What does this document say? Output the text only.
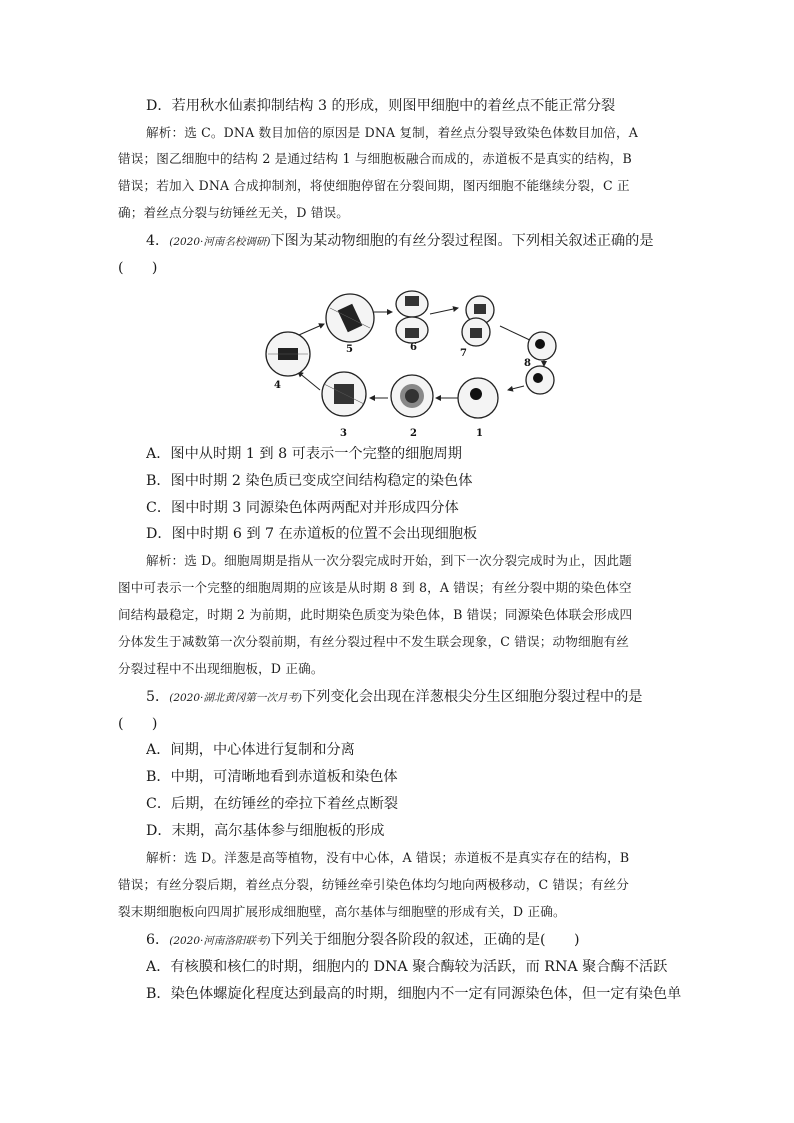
D．若用秋水仙素抑制结构 3 的形成，则图甲细胞中的着丝点不能正常分裂
解析：选 C。DNA 数目加倍的原因是 DNA 复制，着丝点分裂导致染色体数目加倍，A
错误；图乙细胞中的结构 2 是通过结构 1 与细胞板融合而成的，赤道板不是真实的结构，B
错误；若加入 DNA 合成抑制剂，将使细胞停留在分裂间期，图丙细胞不能继续分裂，C 正
确；着丝点分裂与纺锤丝无关，D 错误。
4．(2020·河南名校调研)下图为某动物细胞的有丝分裂过程图。下列相关叙述正确的是
(　　)
5	6
7
8
1
2
3
4
A．图中从时期 1 到 8 可表示一个完整的细胞周期
B．图中时期 2 染色质已变成空间结构稳定的染色体
C．图中时期 3 同源染色体两两配对并形成四分体
D．图中时期 6 到 7 在赤道板的位置不会出现细胞板
解析：选 D。细胞周期是指从一次分裂完成时开始，到下一次分裂完成时为止，因此题
图中可表示一个完整的细胞周期的应该是从时期 8 到 8，A 错误；有丝分裂中期的染色体空
间结构最稳定，时期 2 为前期，此时期染色质变为染色体，B 错误；同源染色体联会形成四
分体发生于减数第一次分裂前期，有丝分裂过程中不发生联会现象，C 错误；动物细胞有丝
分裂过程中不出现细胞板，D 正确。
5．(2020·湖北黄冈第一次月考)下列变化会出现在洋葱根尖分生区细胞分裂过程中的是
(　　)
A．间期，中心体进行复制和分离
B．中期，可清晰地看到赤道板和染色体
C．后期，在纺锤丝的牵拉下着丝点断裂
D．末期，高尔基体参与细胞板的形成
解析：选 D。洋葱是高等植物，没有中心体，A 错误；赤道板不是真实存在的结构，B
错误；有丝分裂后期，着丝点分裂，纺锤丝牵引染色体均匀地向两极移动，C 错误；有丝分
裂末期细胞板向四周扩展形成细胞壁，高尔基体与细胞壁的形成有关，D 正确。
6．(2020·河南洛阳联考)下列关于细胞分裂各阶段的叙述，正确的是(　　)
A．有核膜和核仁的时期，细胞内的 DNA 聚合酶较为活跃，而 RNA 聚合酶不活跃
B．染色体螺旋化程度达到最高的时期，细胞内不一定有同源染色体，但一定有染色单
